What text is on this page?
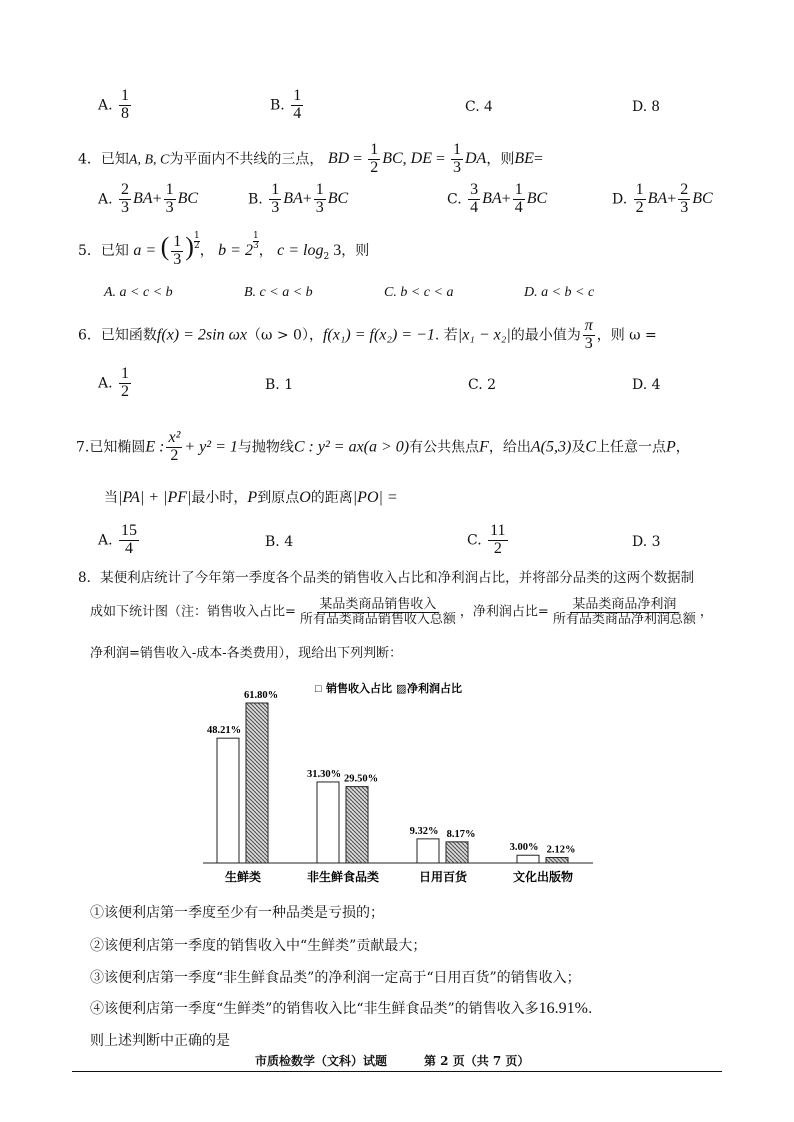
A. $\frac{1}{8}$	B. $\frac{1}{4}$	C. 4	D. 8
4．已知A, B, C为平面内不共线的三点， BD = $\frac{1}{2}$ BC, DE = $\frac{1}{3}$ DA，则BE=
A. $\frac{2}{3} BA+ \frac{1}{3}$ BC	B. $\frac{1}{3} BA+ \frac{1}{3}$ BC	C. $\frac{3}{4} BA+ \frac{1}{4}$ BC	D. $\frac{1}{2} BA+ \frac{2}{3}$ BC
5．已知 a = ( $\frac{1}{3}$ ) $^{\frac{1}{2}}$ ， b = 2 $^{\frac{1}{3}}$ ， $c = \log_2 3$，则
A. a < c < b	B. c < a < b	C. b < c < a	D. a < b < c
6．已知函数f(x) = 2sin ωx（ω > 0），f(x₁) = f(x₂) = −1. 若|x₁ − x₂|的最小值为 $\frac{\pi}{3}$ ，则 ω =
A. $\frac{1}{2}$	B. 1	C. 2	D. 4
7.已知椭圆E : $\frac{\text{x²}}{2} + y^2 = 1$与抛物线C : y² = ax(a > 0)有公共焦点F，给出A(5,3)及C上任意一点P，
当|PA| + |PF|最小时，P到原点O的距离|PO| =
A. $\frac{15}{4}$	B. 4	C. $\frac{11}{2}$	D. 3
8．某便利店统计了今年第一季度各个品类的销售收入占比和净利润占比，并将部分品类的这两个数据制
成如下统计图（注：销售收入占比= $\frac{\text{某品类商品销售收入}}{\text{所有品类商品销售收入总额}}$ ，净利润占比= $\frac{\text{某品类商品净利润}}{\text{所有品类商品净利润总额}}$ ，
净利润=销售收入-成本-各类费用），现给出下列判断：
□ 销售收入占比 ▨ 净利润占比
48.21%
61.80%
31.30% 29.50%
9.32% 8.17%
3.00% 2.12%
生鲜类	非生鲜食品类	日用百货	文化出版物
①该便利店第一季度至少有一种品类是亏损的；
②该便利店第一季度的销售收入中“生鲜类”贡献最大；
③该便利店第一季度“非生鲜食品类”的净利润一定高于“日用百货”的销售收入；
④该便利店第一季度“生鲜类”的销售收入比“非生鲜食品类”的销售收入多16.91%.
则上述判断中正确的是
市质检数学（文科）试题	第 2 页（共 7 页）
